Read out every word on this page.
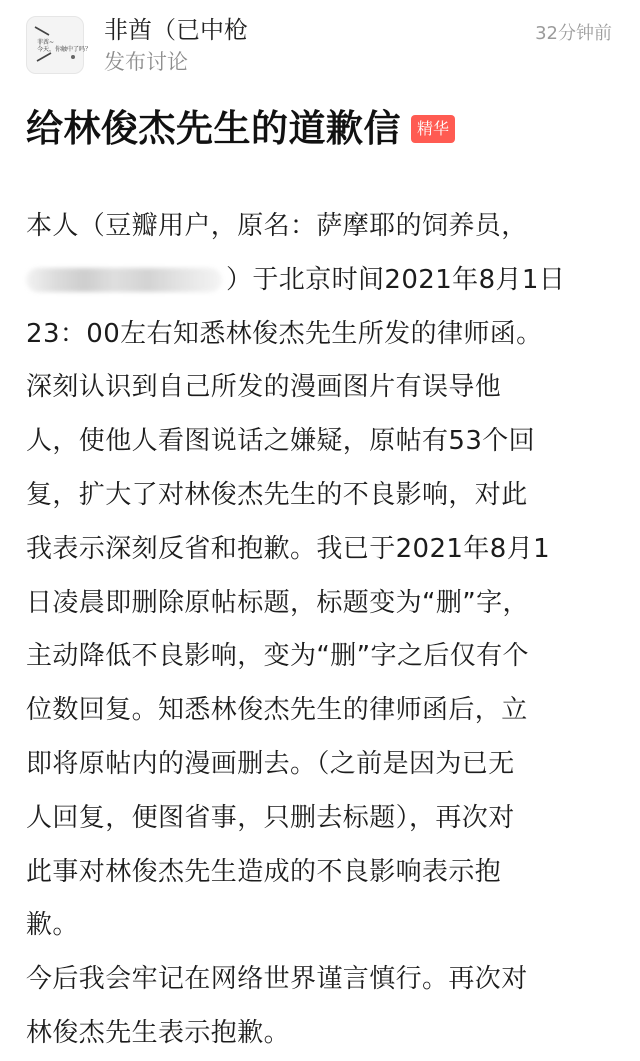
菲酋~
今天，你触中了吗？
非酋（已中枪
发布讨论
32分钟前
给林俊杰先生的道歉信	精华
本人（豆瓣用户，原名：萨摩耶的饲养员，
）于北京时间2021年8月1日
23：00左右知悉林俊杰先生所发的律师函。
深刻认识到自己所发的漫画图片有误导他
人，使他人看图说话之嫌疑，原帖有53个回
复，扩大了对林俊杰先生的不良影响，对此
我表示深刻反省和抱歉。我已于2021年8月1
日凌晨即删除原帖标题，标题变为“删”字，
主动降低不良影响，变为“删”字之后仅有个
位数回复。知悉林俊杰先生的律师函后，立
即将原帖内的漫画删去。（之前是因为已无
人回复，便图省事，只删去标题），再次对
此事对林俊杰先生造成的不良影响表示抱
歉。
今后我会牢记在网络世界谨言慎行。再次对
林俊杰先生表示抱歉。
